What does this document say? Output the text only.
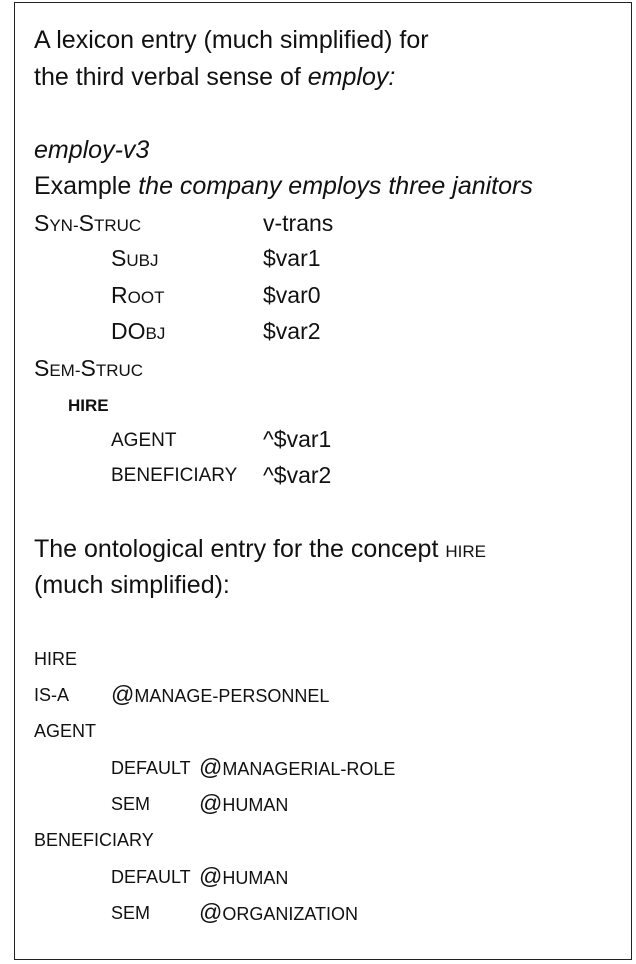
A lexicon entry (much simplified) for
the third verbal sense of employ:
employ-v3
Example the company employs three janitors
SYN-STRUC	v-trans
SUBJ	$var1
ROOT	$var0
DOBJ	$var2
SEM-STRUC
HIRE
AGENT	^$var1
BENEFICIARY ^$var2
The ontological entry for the concept HIRE
(much simplified):
HIRE
IS-A @MANAGE-PERSONNEL
AGENT
DEFAULT @MANAGERIAL-ROLE
SEM @HUMAN
BENEFICIARY
DEFAULT @HUMAN
SEM @ORGANIZATION
